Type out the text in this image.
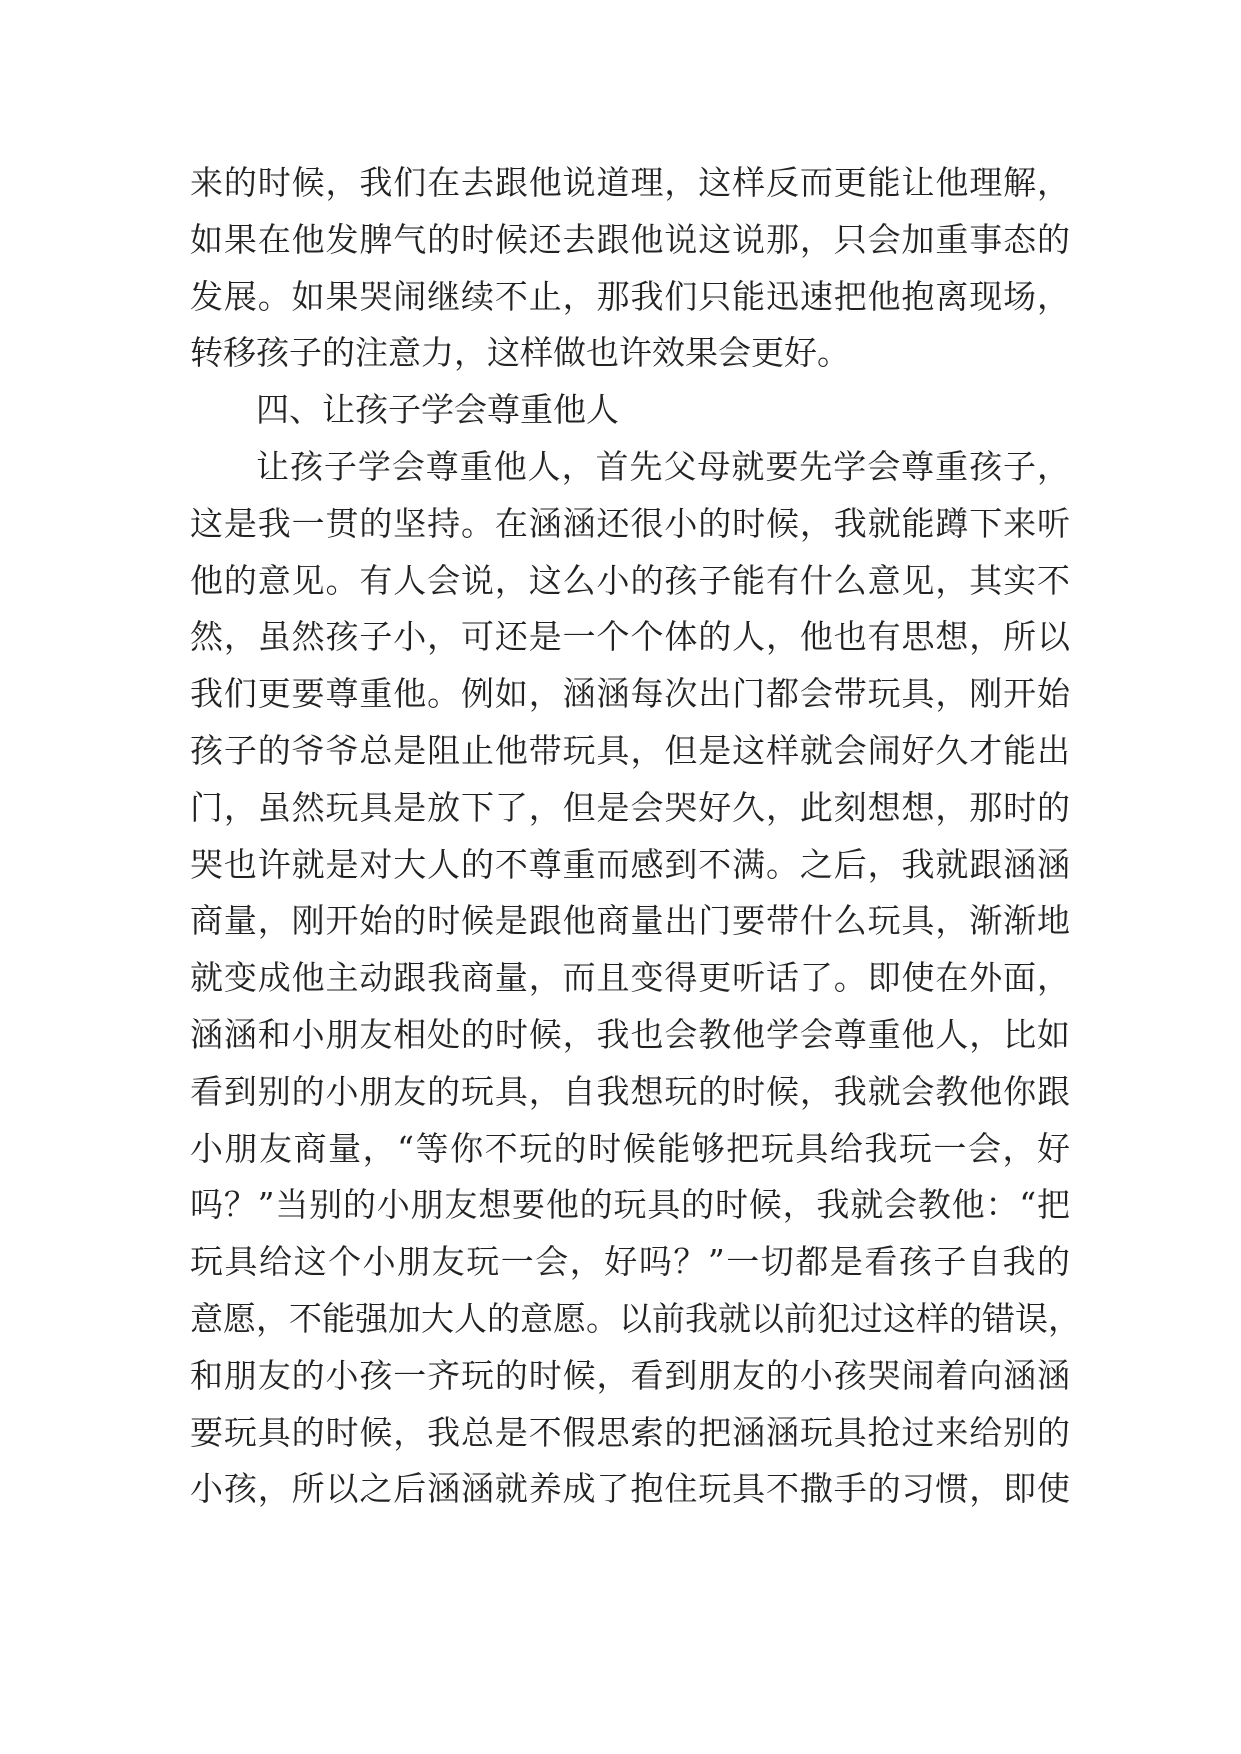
来的时候，我们在去跟他说道理，这样反而更能让他理解，
如果在他发脾气的时候还去跟他说这说那，只会加重事态的
发展。如果哭闹继续不止，那我们只能迅速把他抱离现场，
转移孩子的注意力，这样做也许效果会更好。
四、让孩子学会尊重他人
让孩子学会尊重他人，首先父母就要先学会尊重孩子，
这是我一贯的坚持。在涵涵还很小的时候，我就能蹲下来听
他的意见。有人会说，这么小的孩子能有什么意见，其实不
然，虽然孩子小，可还是一个个体的人，他也有思想，所以
我们更要尊重他。例如，涵涵每次出门都会带玩具，刚开始
孩子的爷爷总是阻止他带玩具，但是这样就会闹好久才能出
门，虽然玩具是放下了，但是会哭好久，此刻想想，那时的
哭也许就是对大人的不尊重而感到不满。之后，我就跟涵涵
商量，刚开始的时候是跟他商量出门要带什么玩具，渐渐地
就变成他主动跟我商量，而且变得更听话了。即使在外面，
涵涵和小朋友相处的时候，我也会教他学会尊重他人，比如
看到别的小朋友的玩具，自我想玩的时候，我就会教他你跟
小朋友商量，“等你不玩的时候能够把玩具给我玩一会，好
吗？”当别的小朋友想要他的玩具的时候，我就会教他：“把
玩具给这个小朋友玩一会，好吗？”一切都是看孩子自我的
意愿，不能强加大人的意愿。以前我就以前犯过这样的错误，
和朋友的小孩一齐玩的时候，看到朋友的小孩哭闹着向涵涵
要玩具的时候，我总是不假思索的把涵涵玩具抢过来给别的
小孩，所以之后涵涵就养成了抱住玩具不撒手的习惯，即使
